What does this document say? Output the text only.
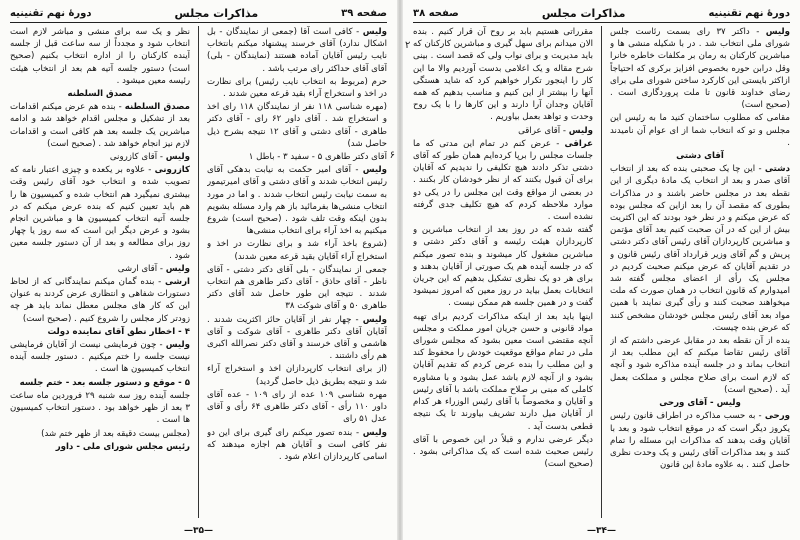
صفحه ۳۹
مذاکرات مجلس
دورهٔ نهم تقنینیه

ولیس - کافی است آقا (جمعی از نمایندگان - بل اشکال ندارد) آقای خرسند پیشنهاد میکنم بانتخاب نایب رئیس آقایان آماده هستند (نمایندگان - بلی) آقای آقای حداکثر رای مرتب باشد .

حرم (مربوط به انتخاب نایب رئیس) برای نظارت در اخذ و استخراج آراء بقید قرعه معین شدند .

(مهره شناسی ۱۱۸ نفر از نمایندگان ۱۱۸ رای اخذ و استخراج شد . آقای داور ۶۲ رای - آقای دکتر طاهری - آقای دشتی و آقای ۱۲ نتیجه بشرح ذیل حاصل شد)

آقای دکتر طاهری ۵ - سفید ۳ - باطل ۱

ولیس - آقای امیر حکمت به نیابت بدهکی آقای رئیس انتخاب شدند و آقای دشتی و آقای امیرتیمور به سمت نیابت رئیس انتخاب شدند . و اما در مورد انتخاب منشی‌ها بفرمائید باز هم وارد مسئله بشویم بدون اینکه وقت تلف شود . (صحیح است) شروع میکنیم به اخذ آراء برای انتخاب منشی‌ها

(شروع باخذ آراء شد و برای نظارت در اخذ و استخراج آراء آقایان بقید قرعه معین شدند)

جمعی از نمایندگان - بلی آقای دکتر دشتی - آقای ناظر - آقای حاذق - آقای دکتر طاهری هم انتخاب شدند . نتیجه این طور حاصل شد آقای دکتر طاهری ۵۰ و آقای شوکت ۳۸

ولیس - چهار نفر از آقایان حائز اکثریت شدند . آقایان آقای دکتر طاهری - آقای شوکت و آقای هاشمی و آقای خرسند و آقای دکتر نصرالله اکبری هم رأی داشتند .

(از برای انتخاب کارپردازان اخذ و استخراج آراء شد و نتیجه بطریق ذیل حاصل گردید)

مهره شناسی ۱۰۹ عده از رای ۱۰۹ - عده آقای داور ۱۱۰ رأی - آقای دکتر طاهری ۶۴ رأی و آقای عدل ۵۱ رای

ولیس - بنده تصور میکنم رای گیری برای این دو نفر کافی است و آقایان هم اجازه میدهند که اسامی کارپردازان اعلام شود .

نظر و یک سه برای منشی و مباشر لازم است انتخاب شود و مجدداً از سه ساعت قبل از جلسه آینده کارکنان را از اداره انتخاب بکنیم (صحیح است) دستور جلسه آتیه هم بعد از انتخاب هیئت رئیسه معین میشود .

مصدق السلطنه

مصدق السلطنه - بنده هم عرض میکنم اقدامات بعد از تشکیل و مجلس اقدام خواهد شد و ادامه مباشرین یک جلسه بعد هم کافی است و اقدامات لازم نیز انجام خواهد شد . (صحیح است)

ولیس - آقای کازرونی

کازرونی - علاوه بر یکعده و چیزی اعتبار نامه که تصویب شده و انتخاب خود آقای رئیس وقت بیشتری نمیگیرد هم انتخاب شده و کمیسیون ها را هم باید تعیین کنیم که بنده عرض میکنم که در جلسه آتیه انتخاب کمیسیون ها و مباشرین انجام بشود و عرض دیگر این است که سه روز یا چهار روز برای مطالعه و بعد از آن دستور جلسه معین شود .

ولیس - آقای ارشی

ارشی - بنده گمان میکنم نمایندگانی که از لحاظ دستورات شفاهی و انتظاری عرض کردند به عنوان این که کار های مجلس معطل نماند باید هر چه زودتر کار مجلس را شروع کنیم . (صحیح است)

۴ - اخطار نطق آقای نماینده دولت

ولیس - چون فرمایشی نیست از آقایان فرمایشی نیست جلسه را ختم میکنیم . دستور جلسه آینده انتخاب کمیسیون ها است .

۵ - موقع و دستور جلسه بعد - ختم جلسه

جلسه آینده روز سه شنبه ۲۹ فروردین ماه ساعت ۳ بعد از ظهر خواهد بود . دستور انتخاب کمیسیون ها است .

(مجلس بیست دقیقه بعد از ظهر ختم شد)

رئیس مجلس شورای ملی - داور

۶
—۳۵—
دورهٔ نهم تقنینیه
مذاکرات مجلس
صفحه ۳۸

ولیس - داکتر ۳۷ رای بسمت رئاست جلس شورای ملی انتخاب شد . در با شکیله منشی ها و مباشرین کارکنان به رمان بر مکلفات خاطره خانرا وقل درابن حوره بخصوص افزایز برکری که احتیاجاً ازاکثر بایستی این کارکرد ساختن شورای ملی برای رضای خداوند قانون تا ملت پروردگاری است . (صحیح است)

مقامی که مطلوب ساختمان کنید ما به رئیس این مجلس و تو که انتخاب شما از ای عوام آن نامیدند .

آقای دشتی

دشتی - این چا یک صحبتی بنده که بعد از انتخاب آقای صدر و بعد از انتخاب یک مادهٔ دیگری از این نقطه بعد در مجلس حاضر باشند و در مذاکرات بطوری که مقصد آن را بعد ازاین که مجلس بوده که عرض میکنم و در نظر خود بودند که این اکثریت بیش از این که در آن صحبت کنیم بعد آقای مؤتمن و مباشرین کارپردازان آقای رئیس آقای دکتر دشتی پریش و گم آقای وزیر قرارداد آقای رئیس قانون و در تقدیم آقایان که عرض میکنم صحبت کردیم در مجلس یک رأی از اعضای مجلس گفته شد امیدوارم که قانون انتخاب در همان صورت که ملت میخواهند صحبت کنند و رأی گیری نمایند با همین مواد بعد آقای رئیس مجلس خودشان مشخص کنند که عرض بنده چیست.

بنده از آن نقطه بعد در مقابل عرضی داشتم که از آقای رئیس تقاضا میکنم که این مطلب بعد از انتخاب بماند و در جلسه آینده مذاکره شود و آنچه که لازم است برای صلاح مجلس و مملکت بعمل آید . (صحیح است)

ولیس - آقای ورحی

ورحی - به حسب مذاکره در اطراف قانون رئیس یکروز دیگر است که در موقع انتخاب شود و بعد با آقایان وقت بدهند که مذاکرات این مسئله را تمام کنند و بعد مذاکرات آقای رئیس و یک وحدت نظری حاصل کنند . به علاوه مادهٔ این قانون

مقرراتی هستیم بابد بر روح آن قرار کنیم . بنده الان میدانم برای سهل گیری و مباشرین کارکنان که باید مدیریت و برای نواب ولی که قصد است . بینی شرح مقاله و یک اعلامی بدست آوردیم والا ما این کار را اینجور تکرار خواهیم کرد که شاید هستگی آنها را بیشتر از این کنیم و مناسب بدهیم که همه آقایان وجدان آرا دارند و این کارها را با یک روح وحدت و تواهد بعمل بیاوریم .

ولیس - آقای عراقی

عراقی - عرض کنم در تمام این مدتی که ما جلسات مجلس را برپا کرده‌ایم همان طور که آقای دشتی تذکر دادند هیچ تکلیفی را ندیدیم که آقایان برای آن قبول بکنند که از نظر خودشان کار بکنند . در بعضی از مواقع وقت این مجلس را در یکی دو موارد ملاحظه کردم که هیچ تکلیف جدی گرفته نشده است .

گفته شده که در روز بعد از انتخاب مباشرین و کارپردازان هیئت رئیسه و آقای دکتر دشتی و مباشرین مشغول کار میشوند و بنده تصور میکنم که در جلسه آینده هم یک صورتی از آقایان بدهند و برای هر دو یک نظری تشکیل بدهیم که این جریان انتخابات بعمل بیاید در روز معین که امروز نمیشود گفت و در همین جلسه هم ممکن نیست .

اینها باید بعد از اینکه مذاکرات کردیم برای تهیه مواد قانونی و حسن جریان امور مملکت و مجلس آنچه مقتضی است معین بشود که مجلس شورای ملی در تمام مواقع موقعیت خودش را محفوظ کند و این مطلب را بنده عرض کردم که تقدیم آقایان بشود و از آنچه لازم باشد عمل بشود و با مشاوره کاملی که مبنی بر صلاح مملکت باشد با آقای رئیس و آقایان و مخصوصاً با آقای رئیس الوزراء هر کدام از آقایان میل دارند تشریف بیاورند تا یک نتیجه قطعی بدست آید .

دیگر عرضی ندارم و قبلاً در این خصوص با آقای رئیس صحبت شده است که یک مذاکراتی بشود . (صحیح است)

۲
—۳۴—
